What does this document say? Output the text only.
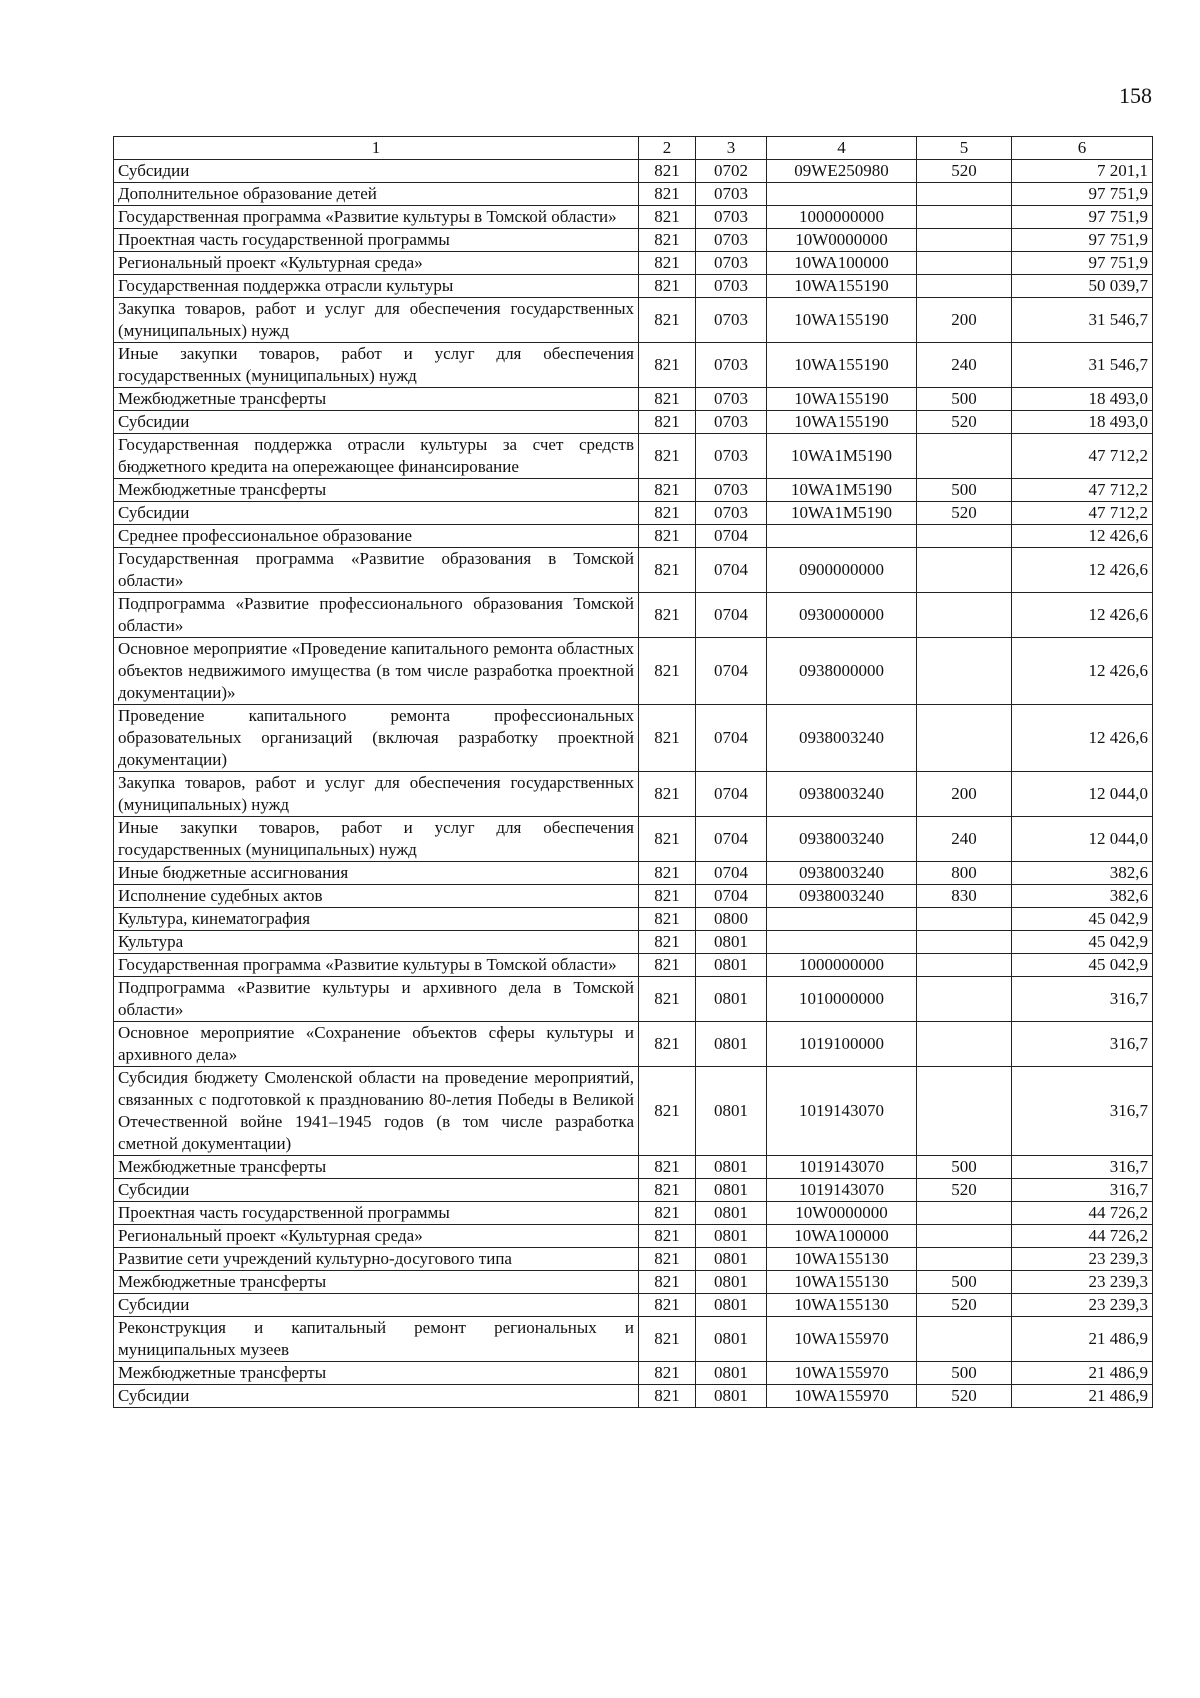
158
1	2	3	4	5	6
Субсидии	821	0702	09WE250980	520	7 201,1
Дополнительное образование детей	821	0703			97 751,9
Государственная программа «Развитие культуры в Томской области»	821	0703	1000000000		97 751,9
Проектная часть государственной программы	821	0703	10W0000000		97 751,9
Региональный проект «Культурная среда»	821	0703	10WA100000		97 751,9
Государственная поддержка отрасли культуры	821	0703	10WA155190		50 039,7
Закупка товаров, работ и услуг для обеспечения государственных (муниципальных) нужд	821	0703	10WA155190	200	31 546,7
Иные закупки товаров, работ и услуг для обеспечения государственных (муниципальных) нужд	821	0703	10WA155190	240	31 546,7
Межбюджетные трансферты	821	0703	10WA155190	500	18 493,0
Субсидии	821	0703	10WA155190	520	18 493,0
Государственная поддержка отрасли культуры за счет средств бюджетного кредита на опережающее финансирование	821	0703	10WA1M5190		47 712,2
Межбюджетные трансферты	821	0703	10WA1M5190	500	47 712,2
Субсидии	821	0703	10WA1M5190	520	47 712,2
Среднее профессиональное образование	821	0704			12 426,6
Государственная программа «Развитие образования в Томской области»	821	0704	0900000000		12 426,6
Подпрограмма «Развитие профессионального образования Томской области»	821	0704	0930000000		12 426,6
Основное мероприятие «Проведение капитального ремонта областных объектов недвижимого имущества (в том числе разработка проектной документации)»	821	0704	0938000000		12 426,6
Проведение капитального ремонта профессиональных образовательных организаций (включая разработку проектной документации)	821	0704	0938003240		12 426,6
Закупка товаров, работ и услуг для обеспечения государственных (муниципальных) нужд	821	0704	0938003240	200	12 044,0
Иные закупки товаров, работ и услуг для обеспечения государственных (муниципальных) нужд	821	0704	0938003240	240	12 044,0
Иные бюджетные ассигнования	821	0704	0938003240	800	382,6
Исполнение судебных актов	821	0704	0938003240	830	382,6
Культура, кинематография	821	0800			45 042,9
Культура	821	0801			45 042,9
Государственная программа «Развитие культуры в Томской области»	821	0801	1000000000		45 042,9
Подпрограмма «Развитие культуры и архивного дела в Томской области»	821	0801	1010000000		316,7
Основное мероприятие «Сохранение объектов сферы культуры и архивного дела»	821	0801	1019100000		316,7
Субсидия бюджету Смоленской области на проведение мероприятий, связанных с подготовкой к празднованию 80-летия Победы в Великой Отечественной войне 1941–1945 годов (в том числе разработка сметной документации)	821	0801	1019143070		316,7
Межбюджетные трансферты	821	0801	1019143070	500	316,7
Субсидии	821	0801	1019143070	520	316,7
Проектная часть государственной программы	821	0801	10W0000000		44 726,2
Региональный проект «Культурная среда»	821	0801	10WA100000		44 726,2
Развитие сети учреждений культурно-досугового типа	821	0801	10WA155130		23 239,3
Межбюджетные трансферты	821	0801	10WA155130	500	23 239,3
Субсидии	821	0801	10WA155130	520	23 239,3
Реконструкция и капитальный ремонт региональных и муниципальных музеев	821	0801	10WA155970		21 486,9
Межбюджетные трансферты	821	0801	10WA155970	500	21 486,9
Субсидии	821	0801	10WA155970	520	21 486,9
